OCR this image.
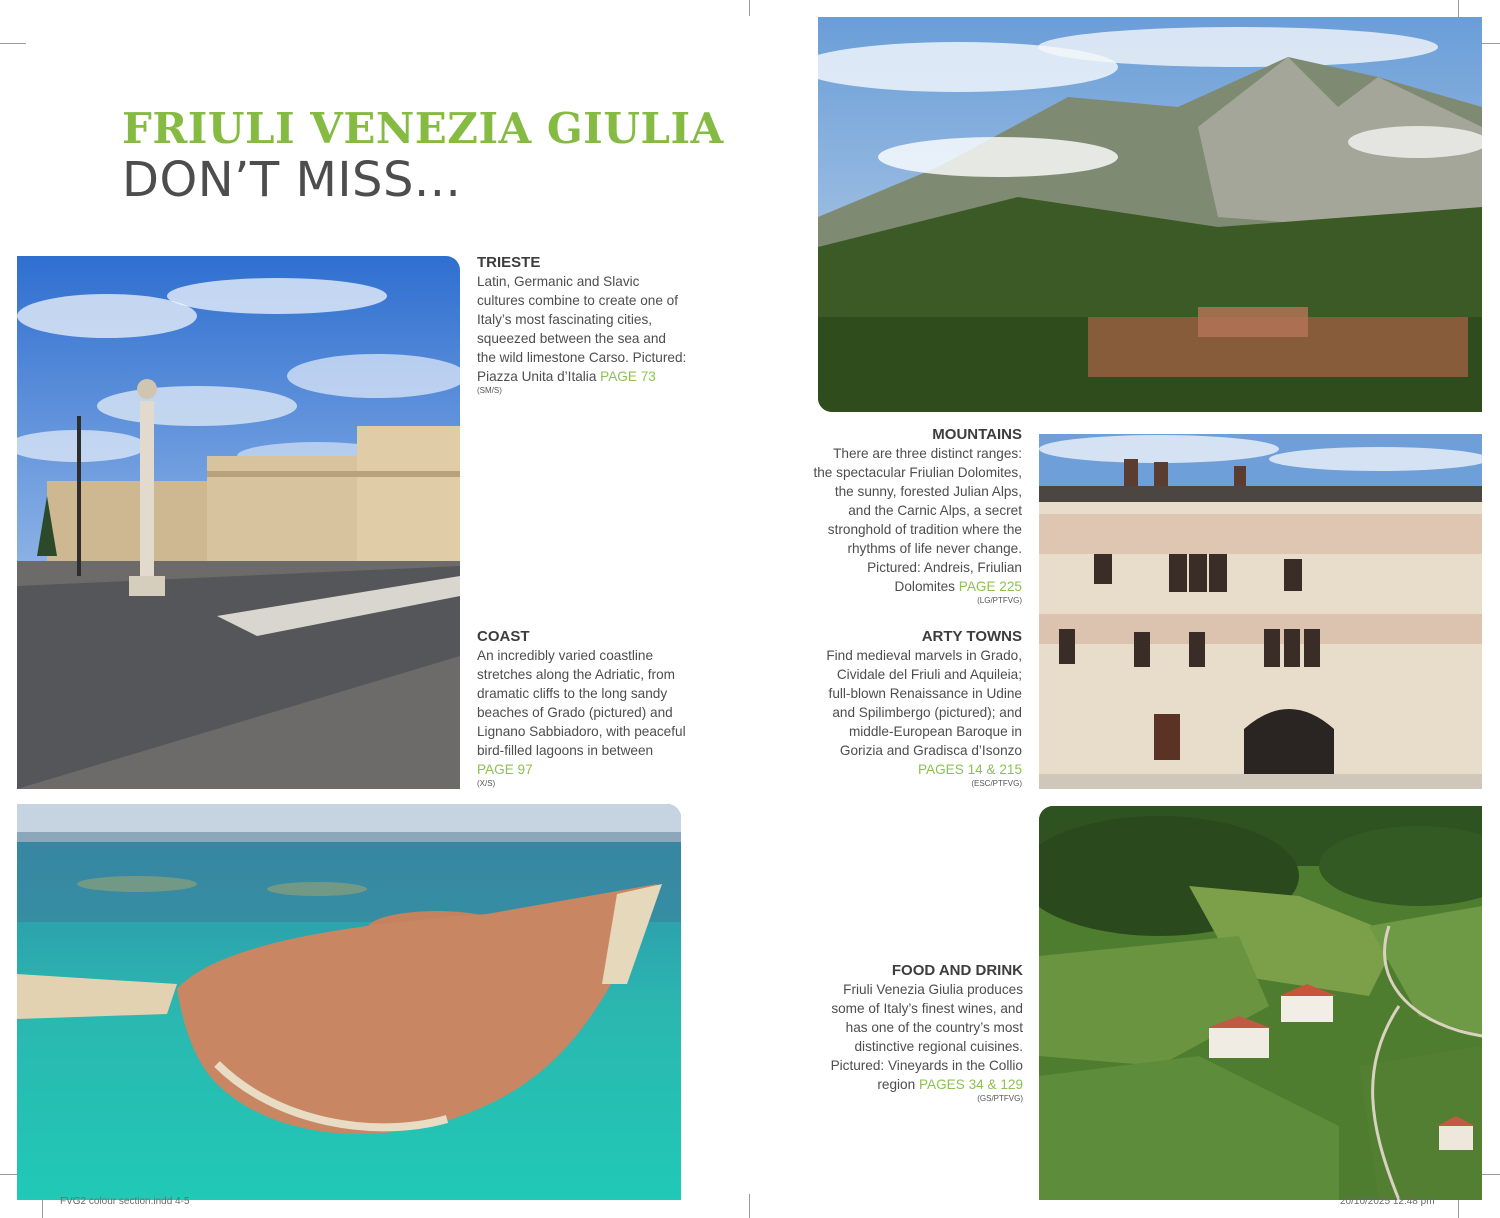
FRIULI VENEZIA GIULIA
DON’T MISS...
TRIESTE
Latin, Germanic and Slavic cultures combine to create one of Italy’s most fascinating cities, squeezed between the sea and the wild limestone Carso. Pictured: Piazza Unita d’Italia PAGE 73
(SM/S)
COAST
An incredibly varied coastline stretches along the Adriatic, from dramatic cliffs to the long sandy beaches of Grado (pictured) and Lignano Sabbiadoro, with peaceful bird-filled lagoons in between PAGE 97
(X/S)
MOUNTAINS
There are three distinct ranges: the spectacular Friulian Dolomites, the sunny, forested Julian Alps, and the Carnic Alps, a secret stronghold of tradition where the rhythms of life never change. Pictured: Andreis, Friulian Dolomites PAGE 225
(LG/PTFVG)
ARTY TOWNS
Find medieval marvels in Grado, Cividale del Friuli and Aquileia; full-blown Renaissance in Udine and Spilimbergo (pictured); and middle-European Baroque in Gorizia and Gradisca d’Isonzo PAGES 14 & 215
(ESC/PTFVG)
FOOD AND DRINK
Friuli Venezia Giulia produces some of Italy’s finest wines, and has one of the country’s most distinctive regional cuisines. Pictured: Vineyards in the Collio region PAGES 34 & 129
(GS/PTFVG)
FVG2 colour section.indd 4-5	20/10/2025 12:48 pm
